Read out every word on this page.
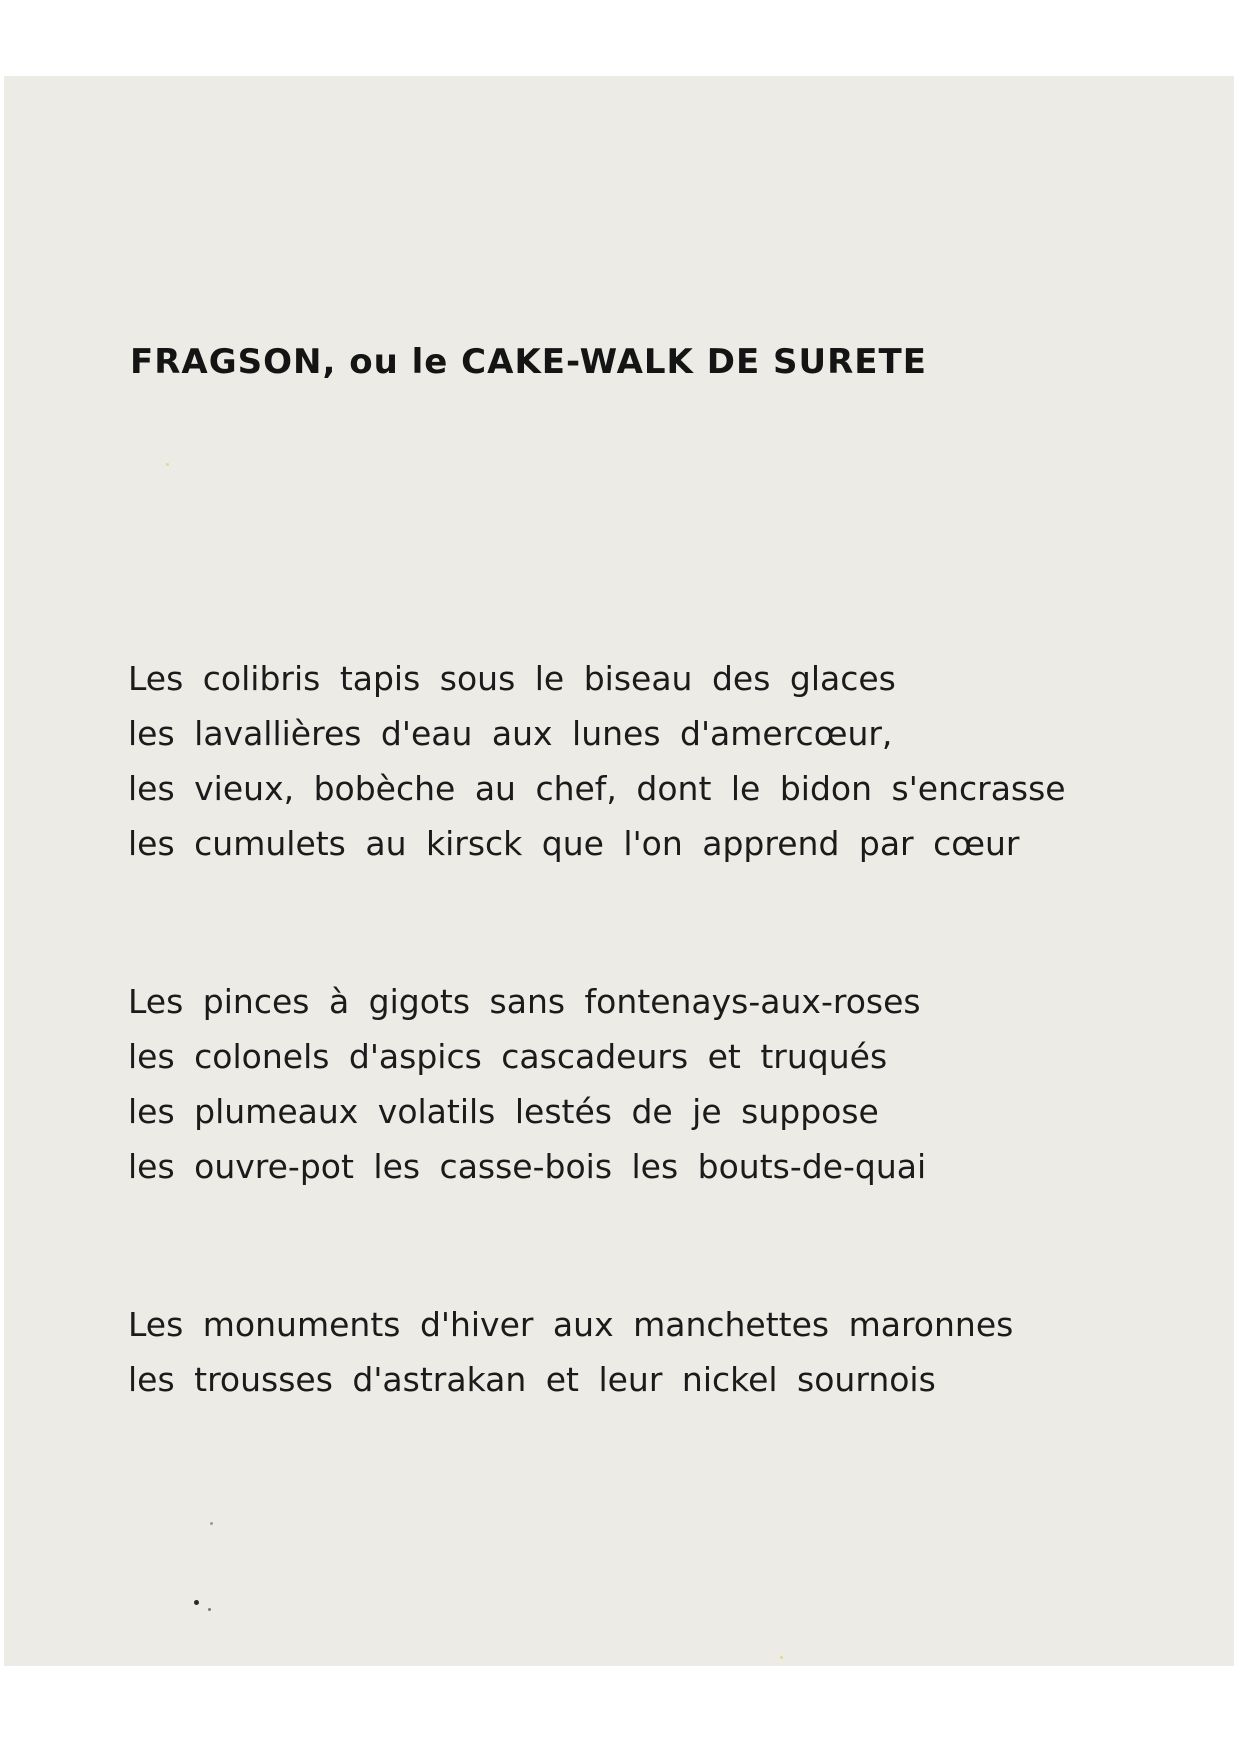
FRAGSON, ou le CAKE-WALK DE SURETE
Les colibris tapis sous le biseau des glaces
les lavallières d'eau aux lunes d'amercœur,
les vieux, bobèche au chef, dont le bidon s'encrasse
les cumulets au kirsck que l'on apprend par cœur
Les pinces à gigots sans fontenays-aux-roses
les colonels d'aspics cascadeurs et truqués
les plumeaux volatils lestés de je suppose
les ouvre-pot les casse-bois les bouts-de-quai
Les monuments d'hiver aux manchettes maronnes
les trousses d'astrakan et leur nickel sournois
